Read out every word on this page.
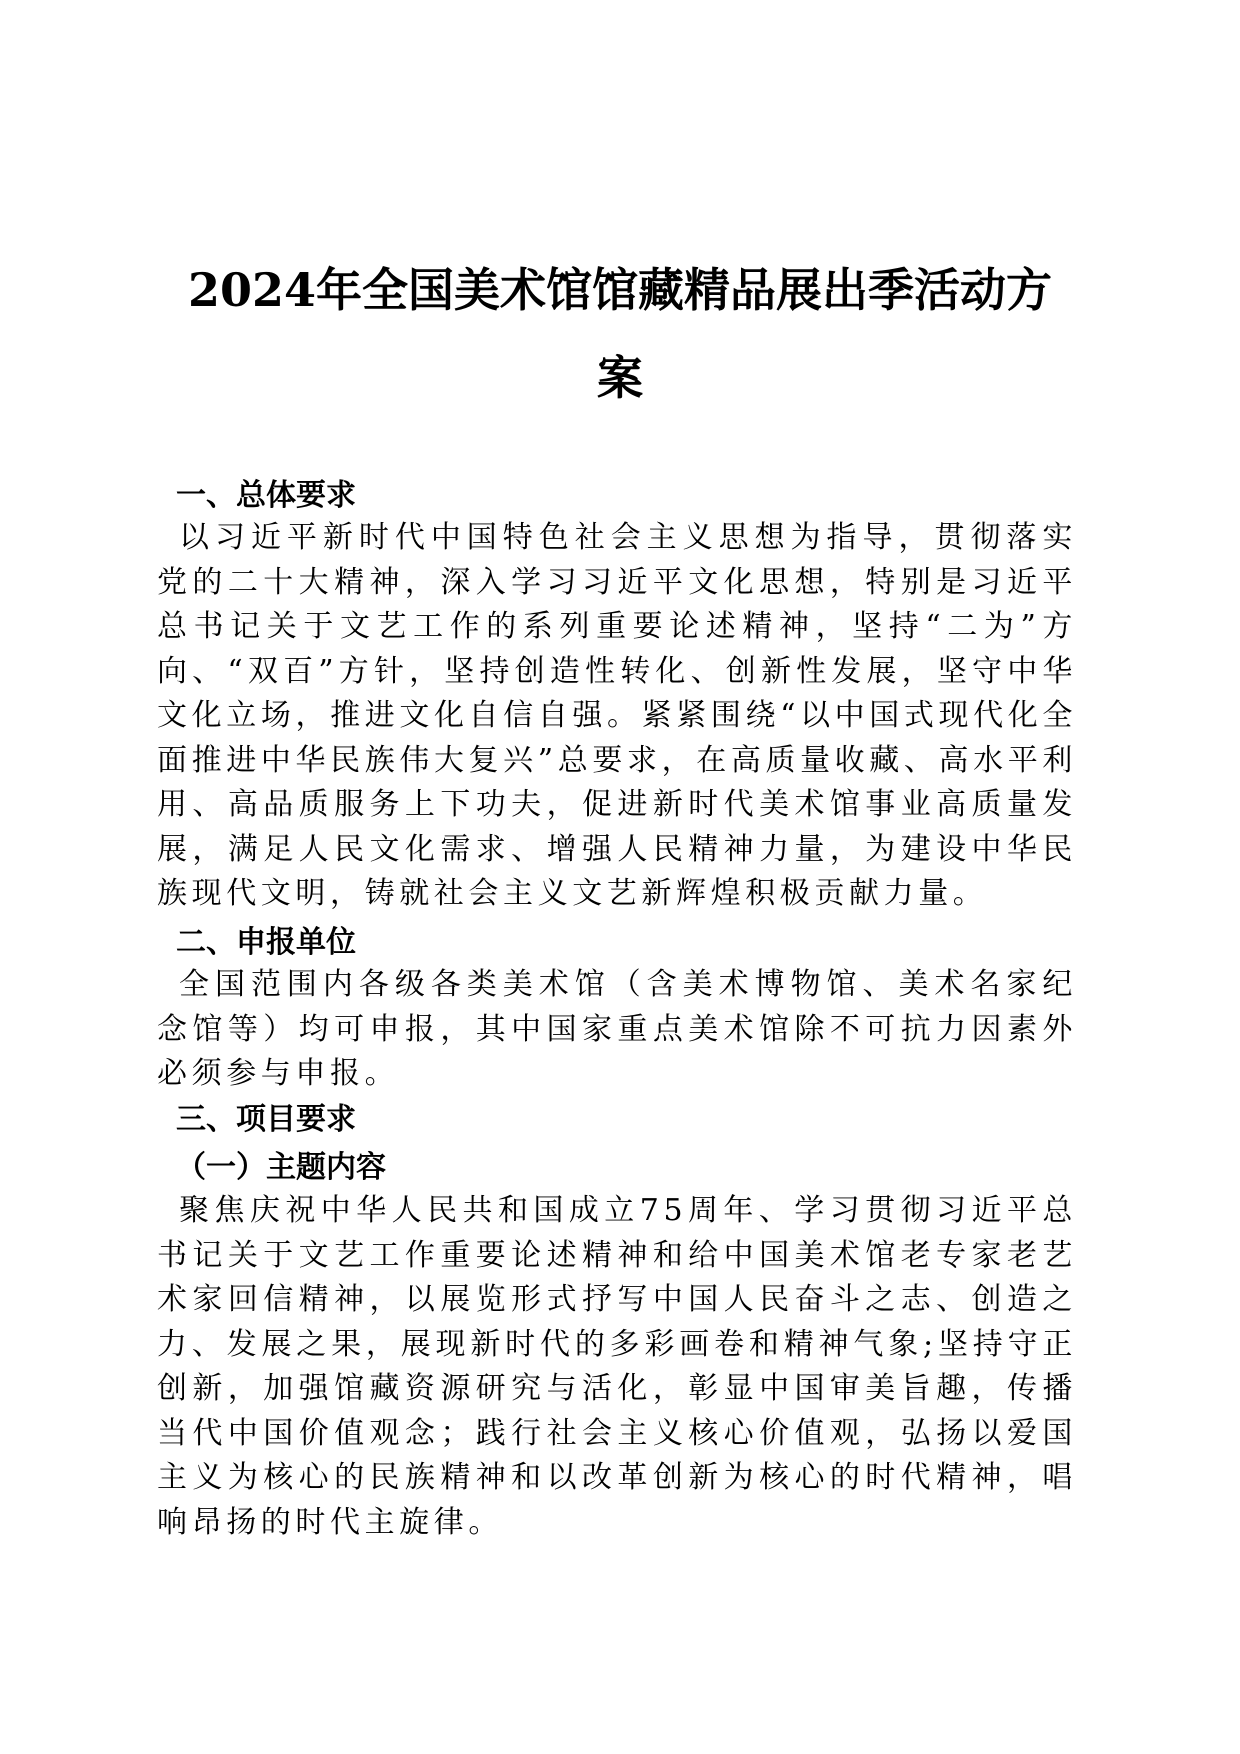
2024年全国美术馆馆藏精品展出季活动方
案
一、总体要求

以习近平新时代中国特色社会主义思想为指导，贯彻落实党的二十大精神，深入学习习近平文化思想，特别是习近平总书记关于文艺工作的系列重要论述精神，坚持“二为”方向、“双百”方针，坚持创造性转化、创新性发展，坚守中华文化立场，推进文化自信自强。紧紧围绕“以中国式现代化全面推进中华民族伟大复兴”总要求，在高质量收藏、高水平利用、高品质服务上下功夫，促进新时代美术馆事业高质量发展，满足人民文化需求、增强人民精神力量，为建设中华民族现代文明，铸就社会主义文艺新辉煌积极贡献力量。

二、申报单位

全国范围内各级各类美术馆（含美术博物馆、美术名家纪念馆等）均可申报，其中国家重点美术馆除不可抗力因素外必须参与申报。

三、项目要求
（一）主题内容

聚焦庆祝中华人民共和国成立75周年、学习贯彻习近平总书记关于文艺工作重要论述精神和给中国美术馆老专家老艺术家回信精神，以展览形式抒写中国人民奋斗之志、创造之力、发展之果，展现新时代的多彩画卷和精神气象;坚持守正创新，加强馆藏资源研究与活化，彰显中国审美旨趣，传播当代中国价值观念；践行社会主义核心价值观，弘扬以爱国主义为核心的民族精神和以改革创新为核心的时代精神，唱响昂扬的时代主旋律。
